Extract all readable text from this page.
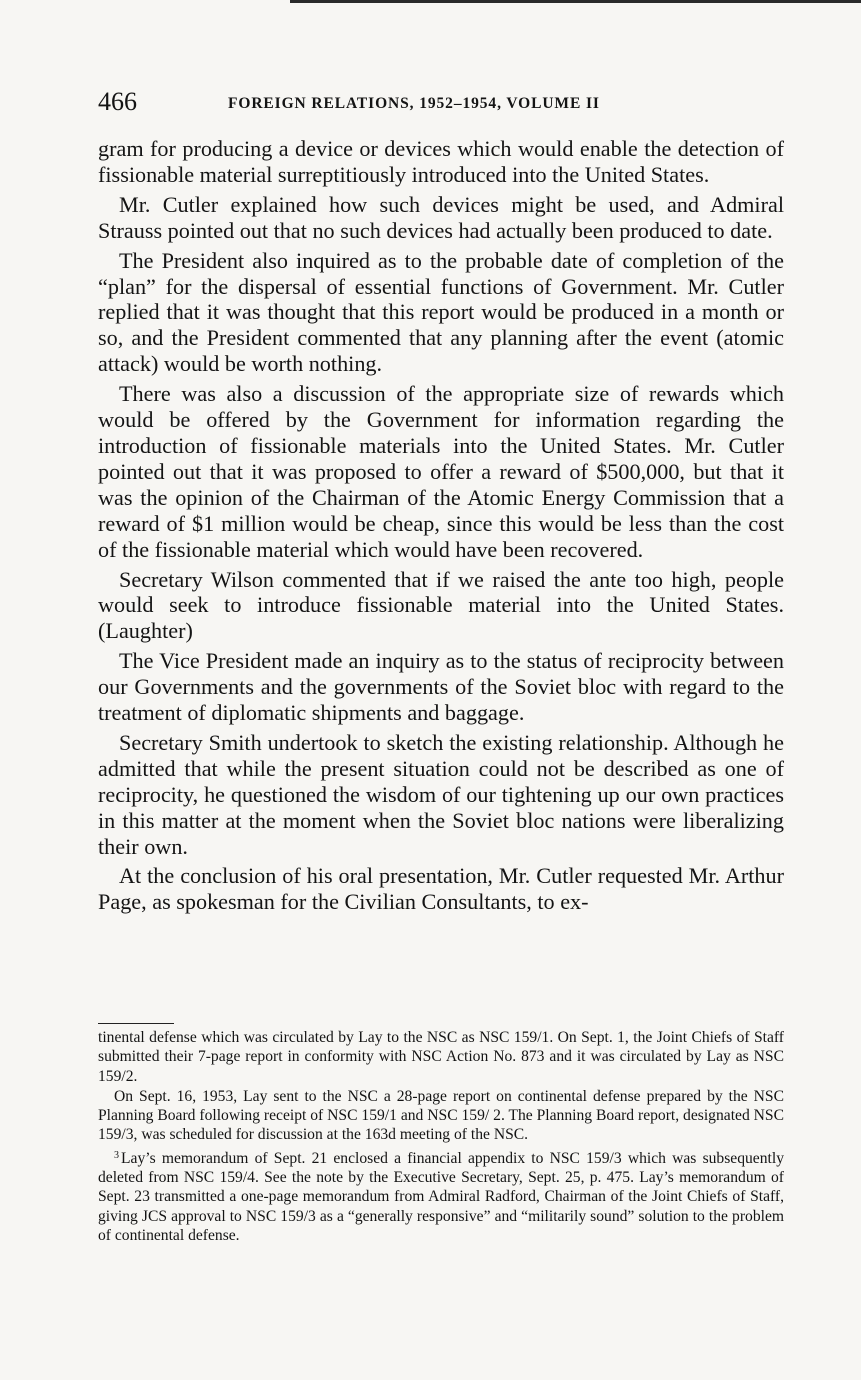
466	FOREIGN RELATIONS, 1952–1954, VOLUME II

gram for producing a device or devices which would enable the detection of fissionable material surreptitiously introduced into the United States.

Mr. Cutler explained how such devices might be used, and Admiral Strauss pointed out that no such devices had actually been produced to date.

The President also inquired as to the probable date of completion of the “plan” for the dispersal of essential functions of Government. Mr. Cutler replied that it was thought that this report would be produced in a month or so, and the President commented that any planning after the event (atomic attack) would be worth nothing.

There was also a discussion of the appropriate size of rewards which would be offered by the Government for information regarding the introduction of fissionable materials into the United States. Mr. Cutler pointed out that it was proposed to offer a reward of $500,000, but that it was the opinion of the Chairman of the Atomic Energy Commission that a reward of $1 million would be cheap, since this would be less than the cost of the fissionable material which would have been recovered.

Secretary Wilson commented that if we raised the ante too high, people would seek to introduce fissionable material into the United States. (Laughter)

The Vice President made an inquiry as to the status of reciprocity between our Governments and the governments of the Soviet bloc with regard to the treatment of diplomatic shipments and baggage.

Secretary Smith undertook to sketch the existing relationship. Although he admitted that while the present situation could not be described as one of reciprocity, he questioned the wisdom of our tightening up our own practices in this matter at the moment when the Soviet bloc nations were liberalizing their own.

At the conclusion of his oral presentation, Mr. Cutler requested Mr. Arthur Page, as spokesman for the Civilian Consultants, to ex-

tinental defense which was circulated by Lay to the NSC as NSC 159/1. On Sept. 1, the Joint Chiefs of Staff submitted their 7-page report in conformity with NSC Action No. 873 and it was circulated by Lay as NSC 159/2.

On Sept. 16, 1953, Lay sent to the NSC a 28-page report on continental defense prepared by the NSC Planning Board following receipt of NSC 159/1 and NSC 159/ 2. The Planning Board report, designated NSC 159/3, was scheduled for discussion at the 163d meeting of the NSC.

$^3$ Lay’s memorandum of Sept. 21 enclosed a financial appendix to NSC 159/3 which was subsequently deleted from NSC 159/4. See the note by the Executive Secretary, Sept. 25, p. 475. Lay’s memorandum of Sept. 23 transmitted a one-page memorandum from Admiral Radford, Chairman of the Joint Chiefs of Staff, giving JCS approval to NSC 159/3 as a “generally responsive” and “militarily sound” solution to the problem of continental defense.
